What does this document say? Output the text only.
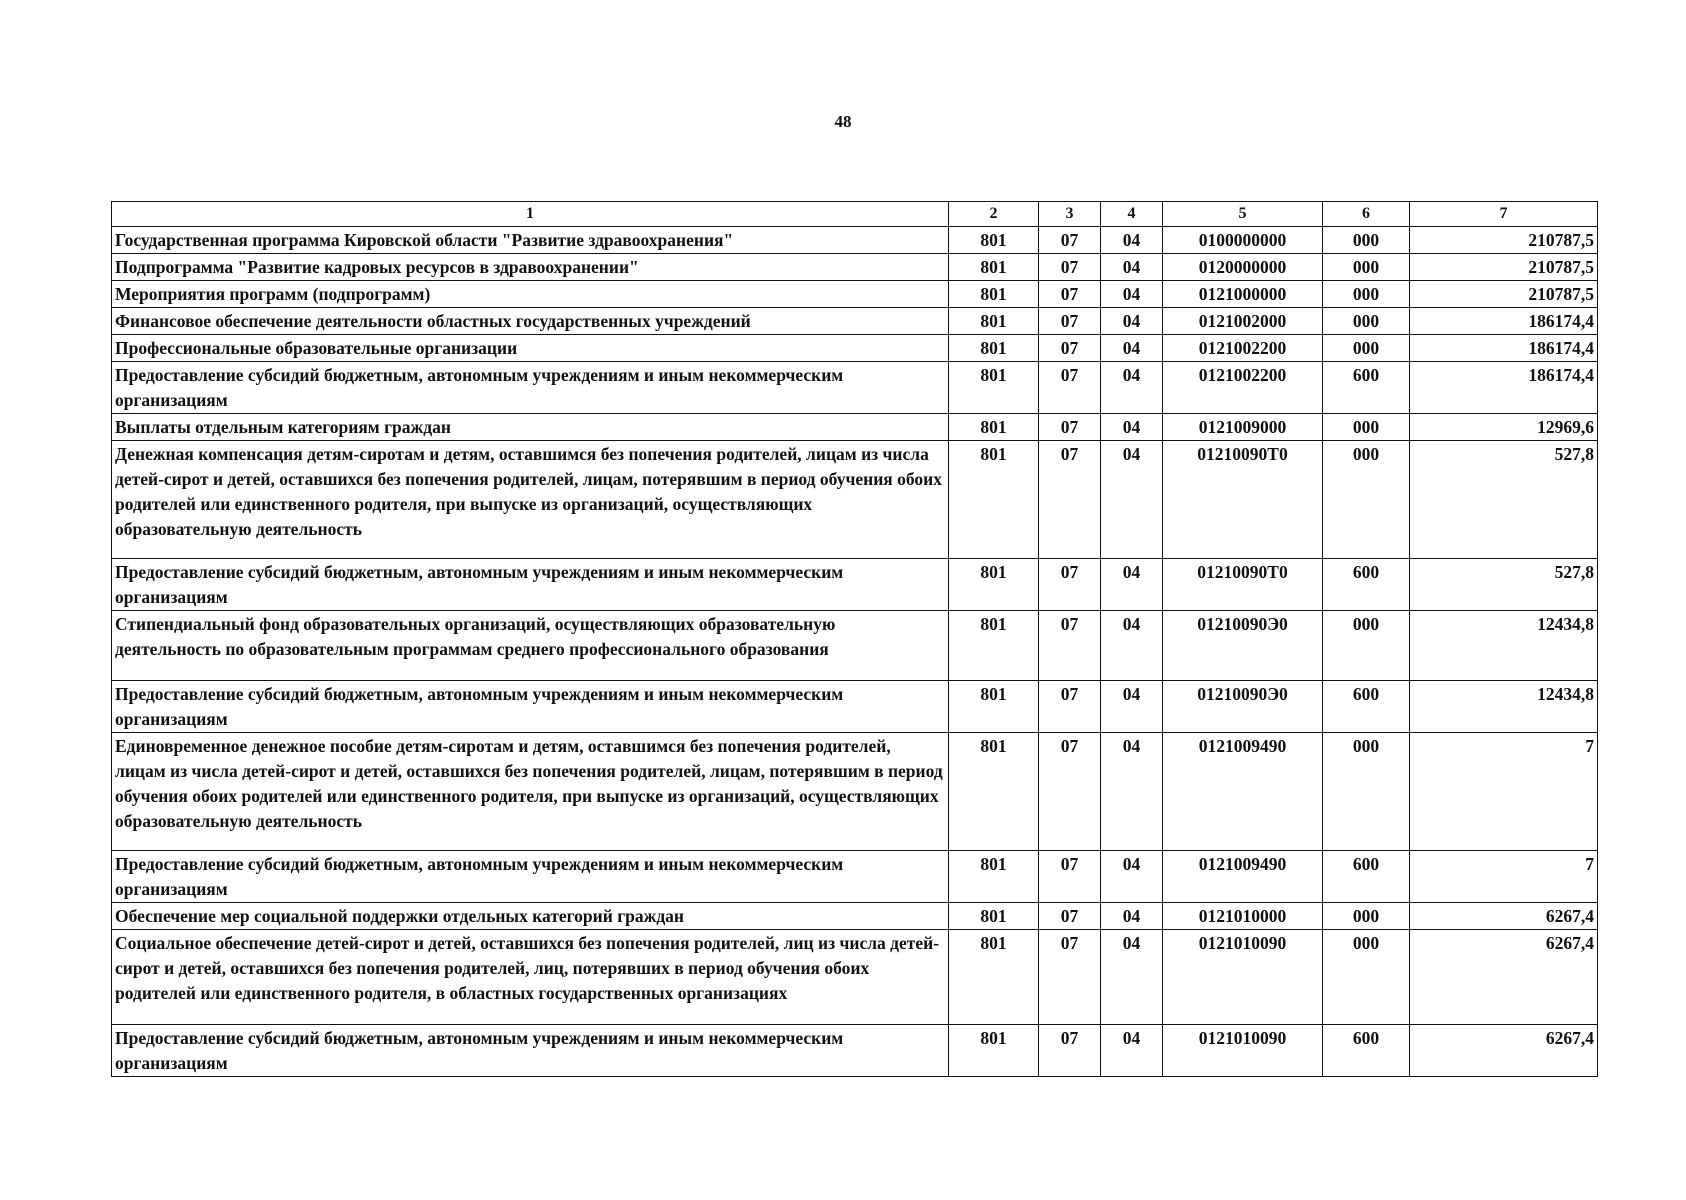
48
1	2	3	4	5	6	7
Государственная программа Кировской области "Развитие здравоохранения"	801	07	04	0100000000	000	210787,5
Подпрограмма "Развитие кадровых ресурсов в здравоохранении"	801	07	04	0120000000	000	210787,5
Мероприятия программ (подпрограмм)	801	07	04	0121000000	000	210787,5
Финансовое обеспечение деятельности областных государственных учреждений	801	07	04	0121002000	000	186174,4
Профессиональные образовательные организации	801	07	04	0121002200	000	186174,4
Предоставление субсидий бюджетным, автономным учреждениям и иным некоммерческим организациям	801	07	04	0121002200	600	186174,4
Выплаты отдельным категориям граждан	801	07	04	0121009000	000	12969,6
Денежная компенсация детям-сиротам и детям, оставшимся без попечения родителей, лицам из числа детей-сирот и детей, оставшихся без попечения родителей, лицам, потерявшим в период обучения обоих родителей или единственного родителя, при выпуске из организаций, осуществляющих образовательную деятельность	801	07	04	01210090Т0	000	527,8
Предоставление субсидий бюджетным, автономным учреждениям и иным некоммерческим организациям	801	07	04	01210090Т0	600	527,8
Стипендиальный фонд образовательных организаций, осуществляющих образовательную деятельность по образовательным программам среднего профессионального образования	801	07	04	01210090Э0	000	12434,8
Предоставление субсидий бюджетным, автономным учреждениям и иным некоммерческим организациям	801	07	04	01210090Э0	600	12434,8
Единовременное денежное пособие детям-сиротам и детям, оставшимся без попечения родителей, лицам из числа детей-сирот и детей, оставшихся без попечения родителей, лицам, потерявшим в период обучения обоих родителей или единственного родителя, при выпуске из организаций, осуществляющих образовательную деятельность	801	07	04	0121009490	000	7
Предоставление субсидий бюджетным, автономным учреждениям и иным некоммерческим организациям	801	07	04	0121009490	600	7
Обеспечение мер социальной поддержки отдельных категорий граждан	801	07	04	0121010000	000	6267,4
Социальное обеспечение детей-сирот и детей, оставшихся без попечения родителей, лиц из числа детей-сирот и детей, оставшихся без попечения родителей, лиц, потерявших в период обучения обоих родителей или единственного родителя, в областных государственных организациях	801	07	04	0121010090	000	6267,4
Предоставление субсидий бюджетным, автономным учреждениям и иным некоммерческим организациям	801	07	04	0121010090	600	6267,4
